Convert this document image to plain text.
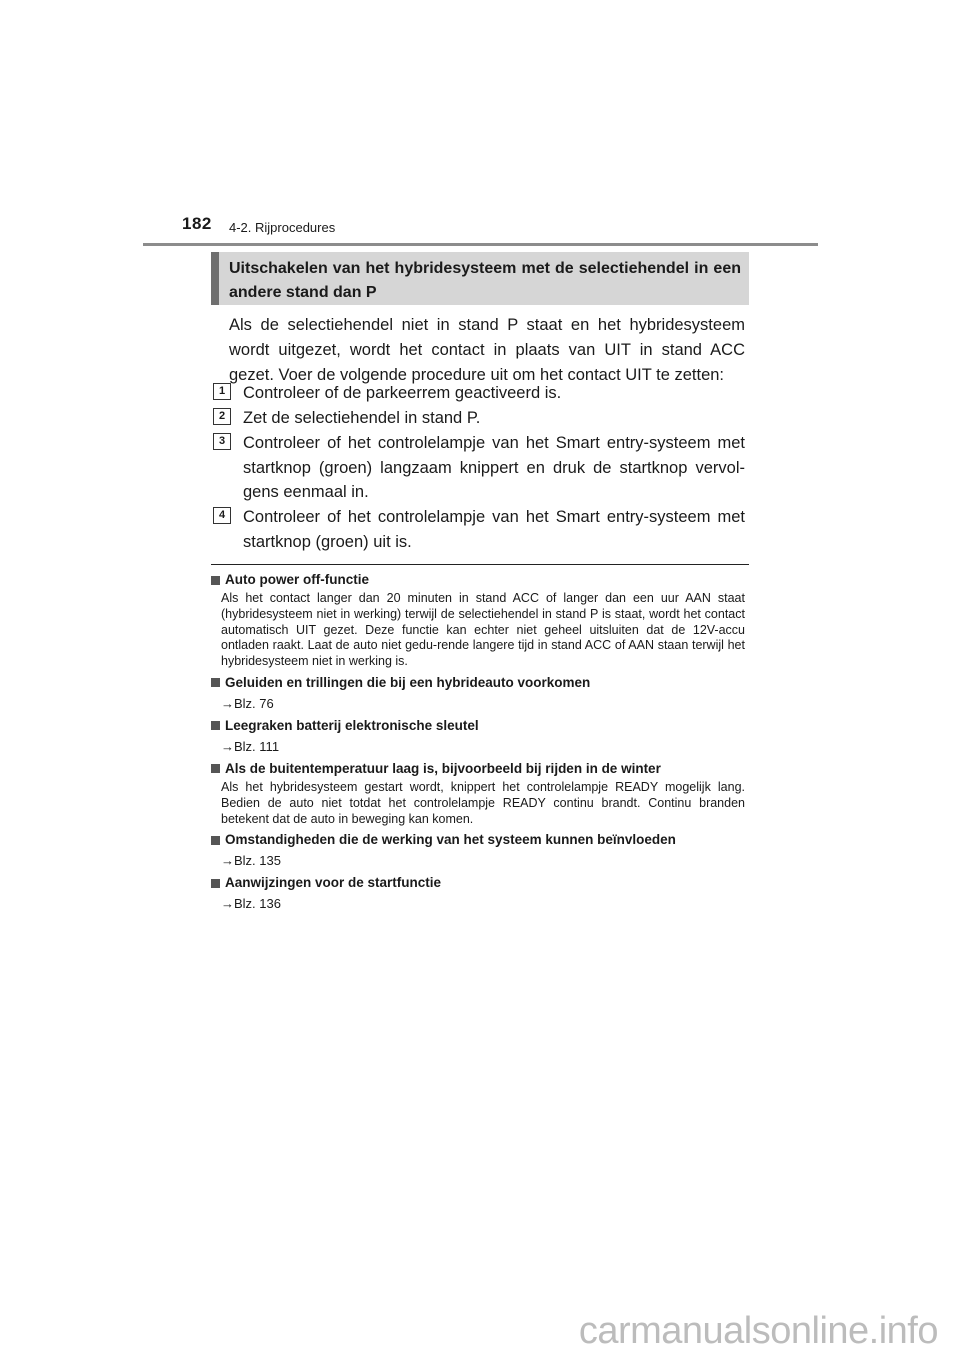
182 4-2. Rijprocedures
Uitschakelen van het hybridesysteem met de selectiehendel in een andere stand dan P
Als de selectiehendel niet in stand P staat en het hybridesysteem wordt uitgezet, wordt het contact in plaats van UIT in stand ACC gezet. Voer de volgende procedure uit om het contact UIT te zetten:
1	Controleer of de parkeerrem geactiveerd is.
2	Zet de selectiehendel in stand P.
3	Controleer of het controlelampje van het Smart entry-systeem met startknop (groen) langzaam knippert en druk de startknop vervol-gens eenmaal in.
4	Controleer of het controlelampje van het Smart entry-systeem met startknop (groen) uit is.
Auto power off-functie
Als het contact langer dan 20 minuten in stand ACC of langer dan een uur AAN staat (hybridesysteem niet in werking) terwijl de selectiehendel in stand P is staat, wordt het contact automatisch UIT gezet. Deze functie kan echter niet geheel uitsluiten dat de 12V-accu ontladen raakt. Laat de auto niet gedu-rende langere tijd in stand ACC of AAN staan terwijl het hybridesysteem niet in werking is.
Geluiden en trillingen die bij een hybrideauto voorkomen
→Blz. 76
Leegraken batterij elektronische sleutel
→Blz. 111
Als de buitentemperatuur laag is, bijvoorbeeld bij rijden in de winter
Als het hybridesysteem gestart wordt, knippert het controlelampje READY mogelijk lang. Bedien de auto niet totdat het controlelampje READY continu brandt. Continu branden betekent dat de auto in beweging kan komen.
Omstandigheden die de werking van het systeem kunnen beïnvloeden
→Blz. 135
Aanwijzingen voor de startfunctie
→Blz. 136
carmanualsonline.info
